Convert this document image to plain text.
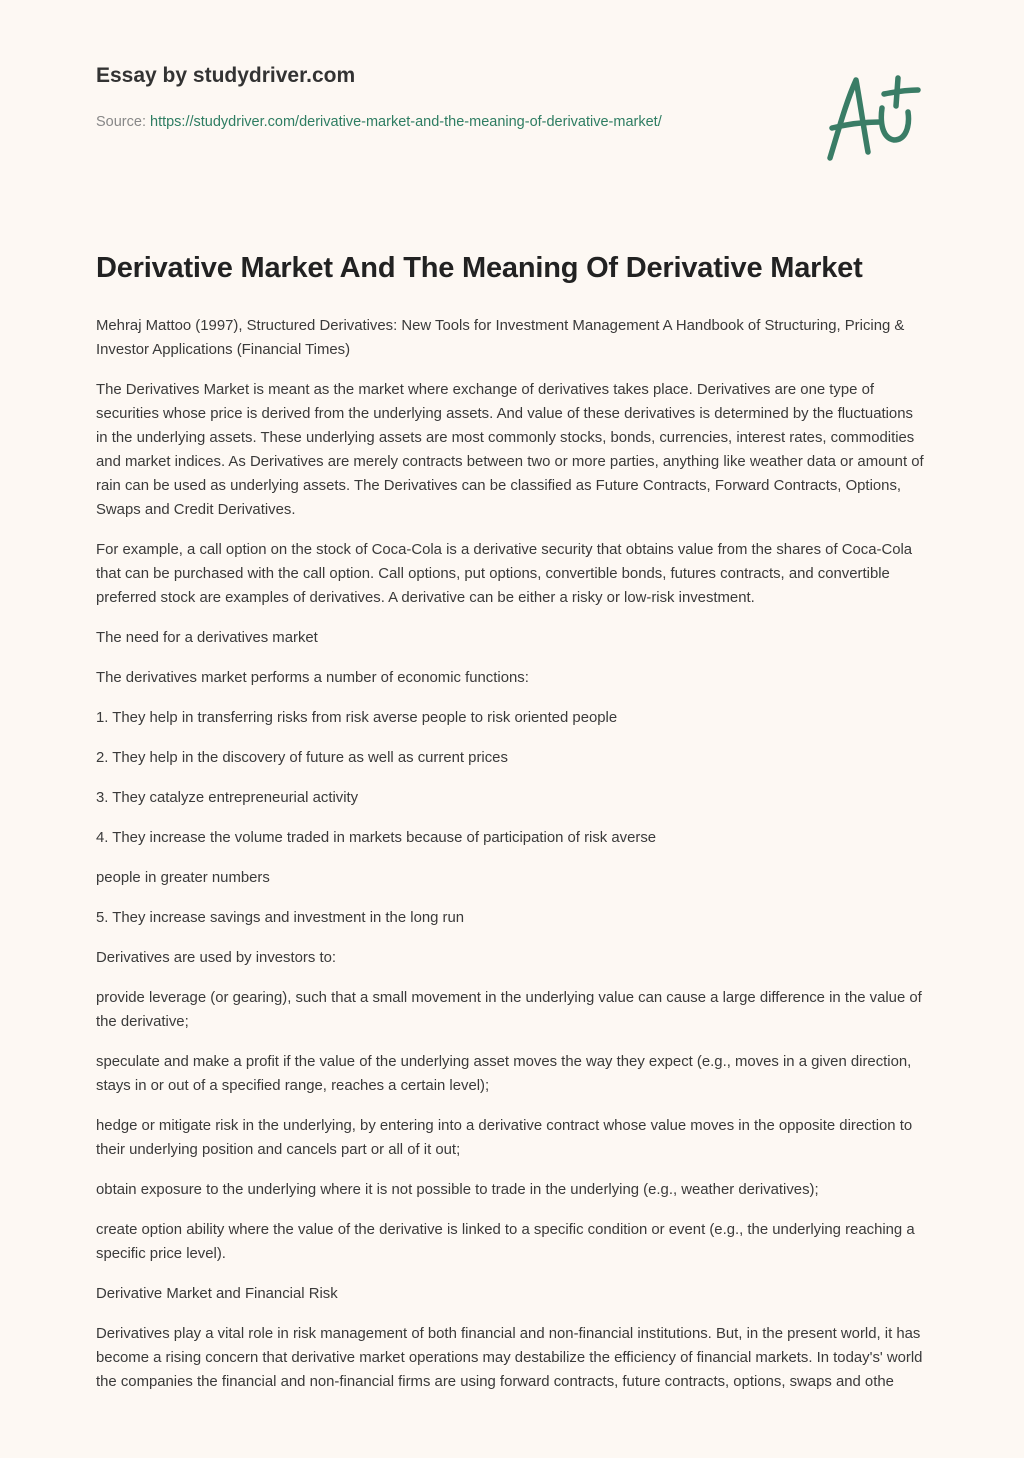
Essay by studydriver.com
Source: https://studydriver.com/derivative-market-and-the-meaning-of-derivative-market/
Derivative Market And The Meaning Of Derivative Market

Mehraj Mattoo (1997), Structured Derivatives: New Tools for Investment Management A Handbook of Structuring, Pricing & Investor Applications (Financial Times)

The Derivatives Market is meant as the market where exchange of derivatives takes place. Derivatives are one type of securities whose price is derived from the underlying assets. And value of these derivatives is determined by the fluctuations in the underlying assets. These underlying assets are most commonly stocks, bonds, currencies, interest rates, commodities and market indices. As Derivatives are merely contracts between two or more parties, anything like weather data or amount of rain can be used as underlying assets. The Derivatives can be classified as Future Contracts, Forward Contracts, Options, Swaps and Credit Derivatives.

For example, a call option on the stock of Coca-Cola is a derivative security that obtains value from the shares of Coca-Cola that can be purchased with the call option. Call options, put options, convertible bonds, futures contracts, and convertible preferred stock are examples of derivatives. A derivative can be either a risky or low-risk investment.

The need for a derivatives market

The derivatives market performs a number of economic functions:

1. They help in transferring risks from risk averse people to risk oriented people

2. They help in the discovery of future as well as current prices

3. They catalyze entrepreneurial activity

4. They increase the volume traded in markets because of participation of risk averse

people in greater numbers

5. They increase savings and investment in the long run

Derivatives are used by investors to:

provide leverage (or gearing), such that a small movement in the underlying value can cause a large difference in the value of the derivative;

speculate and make a profit if the value of the underlying asset moves the way they expect (e.g., moves in a given direction, stays in or out of a specified range, reaches a certain level);

hedge or mitigate risk in the underlying, by entering into a derivative contract whose value moves in the opposite direction to their underlying position and cancels part or all of it out;

obtain exposure to the underlying where it is not possible to trade in the underlying (e.g., weather derivatives);

create option ability where the value of the derivative is linked to a specific condition or event (e.g., the underlying reaching a specific price level).

Derivative Market and Financial Risk

Derivatives play a vital role in risk management of both financial and non-financial institutions. But, in the present world, it has become a rising concern that derivative market operations may destabilize the efficiency of financial markets. In today's' world the companies the financial and non-financial firms are using forward contracts, future contracts, options, swaps and othe
